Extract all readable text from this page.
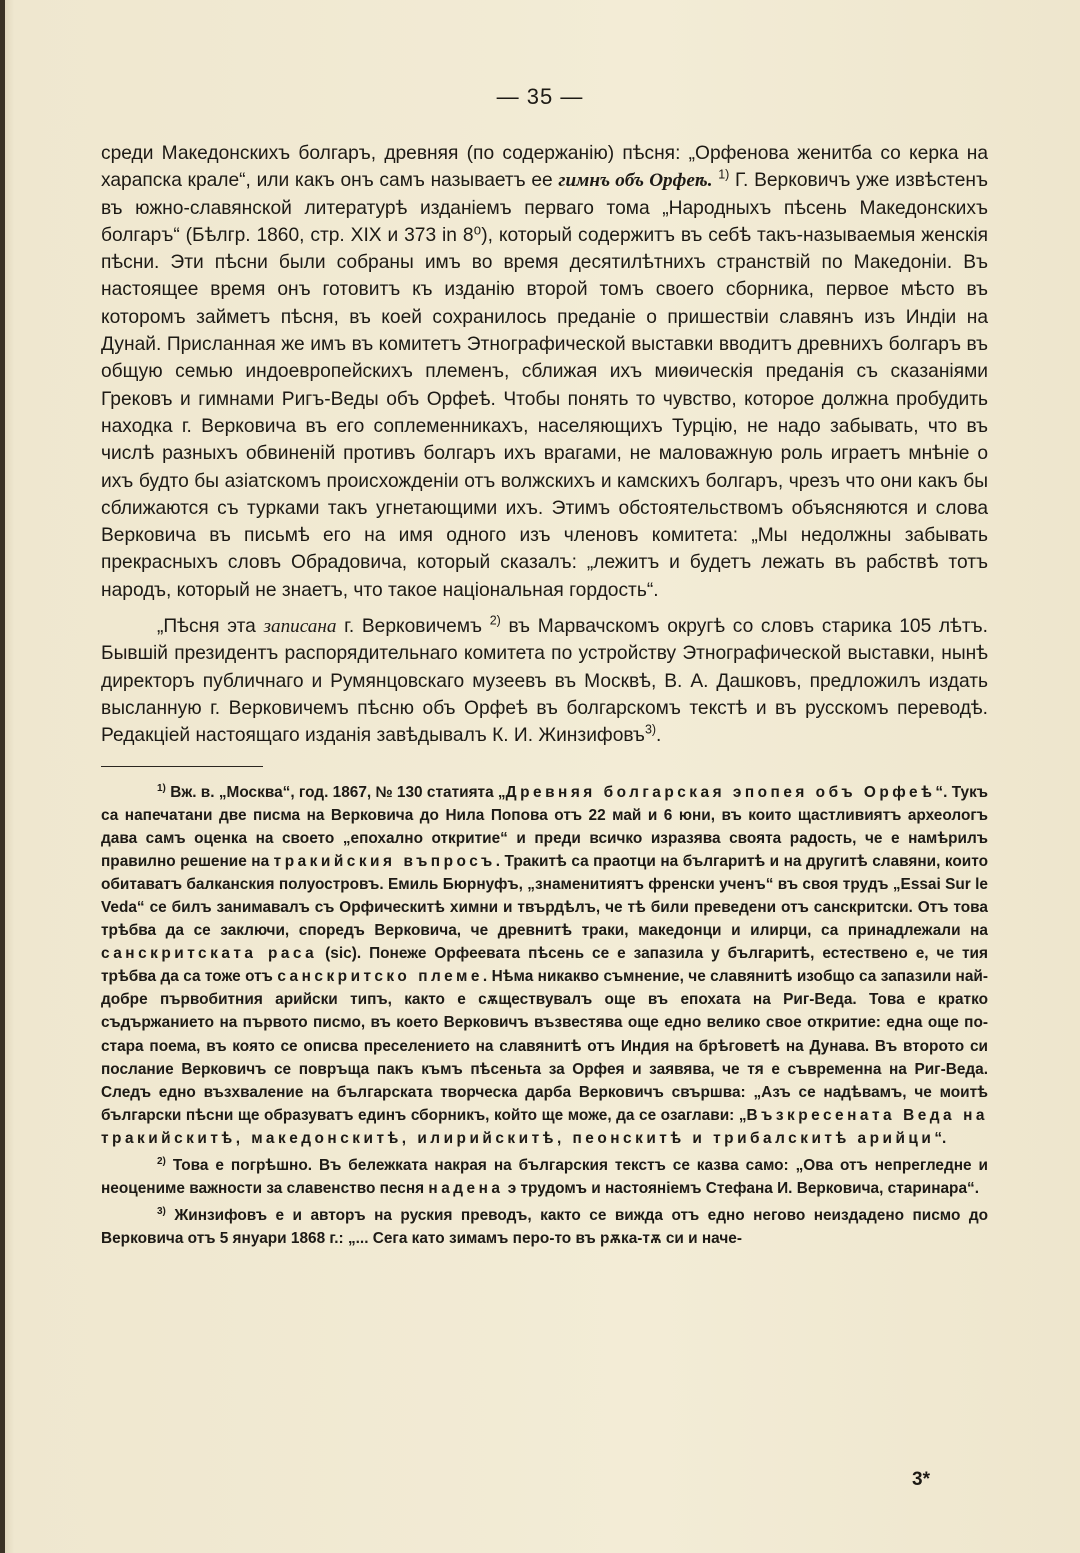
— 35 —

среди Македонскихъ болгаръ, древняя (по содержанію) пѣсня: „Орфенова женитба со керка на харапска крале“, или какъ онъ самъ называетъ ее гимнъ объ Орфеѣ. $^{1)}$ Г. Верковичъ уже извѣстенъ въ южно-славянской литературѣ изданіемъ перваго тома „Народныхъ пѣсень Македонскихъ болгаръ“ (Бѣлгр. 1860, стр. XIX и 373 in 8⁰), который содержитъ въ себѣ такъ-называемыя женскія пѣсни. Эти пѣсни были собраны имъ во время десятилѣтнихъ странствій по Македоніи. Въ настоящее время онъ готовитъ къ изданію второй томъ своего сборника, первое мѣсто въ которомъ займетъ пѣсня, въ коей сохранилось преданіе о пришествіи славянъ изъ Индіи на Дунай. Присланная же имъ въ комитетъ Этнографической выставки вводитъ древнихъ болгаръ въ общую семью индоевропейскихъ племенъ, сближая ихъ миѳическія преданія съ сказаніями Грековъ и гимнами Ригъ-Веды объ Орфеѣ. Чтобы понять то чувство, которое должна пробудить находка г. Верковича въ его соплеменникахъ, населяющихъ Турцію, не надо забывать, что въ числѣ разныхъ обвиненій противъ болгаръ ихъ врагами, не маловажную роль играетъ мнѣніе о ихъ будто бы азіатскомъ происхожденіи отъ волжскихъ и камскихъ болгаръ, чрезъ что они какъ бы сближаются съ турками такъ угнетающими ихъ. Этимъ обстоятельствомъ объясняются и слова Верковича въ письмѣ его на имя одного изъ членовъ комитета: „Мы недолжны забывать прекрасныхъ словъ Обрадовича, который сказалъ: „лежитъ и будетъ лежать въ рабствѣ тотъ народъ, который не знаетъ, что такое національная гордость“.

„Пѣсня эта записана г. Верковичемъ $^{2)}$ въ Марвачскомъ округѣ со словъ старика 105 лѣтъ. Бывшій президентъ распорядительнаго комитета по устройству Этнографической выставки, нынѣ директоръ публичнаго и Румянцовскаго музеевъ въ Москвѣ, В. А. Дашковъ, предложилъ издать высланную г. Верковичемъ пѣсню объ Орфеѣ въ болгарскомъ текстѣ и въ русскомъ переводѣ. Редакціей настоящаго изданія завѣдывалъ К. И. Жинзифовъ$^{3)}$.

$^{1)}$ Вж. в. „Москва“, год. 1867, № 130 статията „Древняя болгарская эпопея объ Орфеѣ“. Тукъ са напечатани две писма на Верковича до Нила Попова отъ 22 май и 6 юни, въ които щастливиятъ археологъ дава самъ оценка на своето „епохално откритие“ и преди всичко изразява своята радость, че е намѣрилъ правилно решение на тракийския въпросъ. Тракитѣ са праотци на българитѣ и на другитѣ славяни, които обитаватъ балканския полуостровъ. Емиль Бюрнуфъ, „знаменитиятъ френски ученъ“ въ своя трудъ „Essai Sur le Veda“ се билъ занимавалъ съ Орфическитѣ химни и твърдѣлъ, че тѣ били преведени отъ санскритски. Отъ това трѣбва да се заключи, споредъ Верковича, че древнитѣ траки, македонци и илирци, са принадлежали на санскритската раса (sic). Понеже Орфеевата пѣсень се е запазила у българитѣ, естествено е, че тия трѣбва да са тоже отъ санскритско племе. Нѣма никакво съмнение, че славянитѣ изобщо са запазили най-добре първобитния арийски типъ, както е сѫществувалъ още въ епохата на Риг-Веда. Това е кратко съдържанието на първото писмо, въ което Верковичъ възвестява още едно велико свое откритие: една още по-стара поема, въ която се описва преселението на славянитѣ отъ Индия на брѣговетѣ на Дунава. Въ второто си послание Верковичъ се повръща пакъ къмъ пѣсеньта за Орфея и заявява, че тя е съвременна на Риг-Веда. Следъ едно възхваление на българската творческа дарба Верковичъ свършва: „Азъ се надѣвамъ, че моитѣ български пѣсни ще образуватъ единъ сборникъ, който ще може, да се озаглави: „Възкресената Веда на тракийскитѣ, македонскитѣ, илирийскитѣ, пеонскитѣ и трибалскитѣ арийци“.

$^{2)}$ Това е погрѣшно. Въ бележката накрая на българския текстъ се казва само: „Ова отъ непрегледне и неоцениме важности за славенство песня надена э трудомъ и настояніемъ Стефана И. Верковича, старинара“.

$^{3)}$ Жинзифовъ е и авторъ на руския преводъ, както се вижда отъ едно негово неиздадено писмо до Верковича отъ 5 януари 1868 г.: „... Сега като зимамъ перо-то въ рѫка-тѫ си и наче-

3*
